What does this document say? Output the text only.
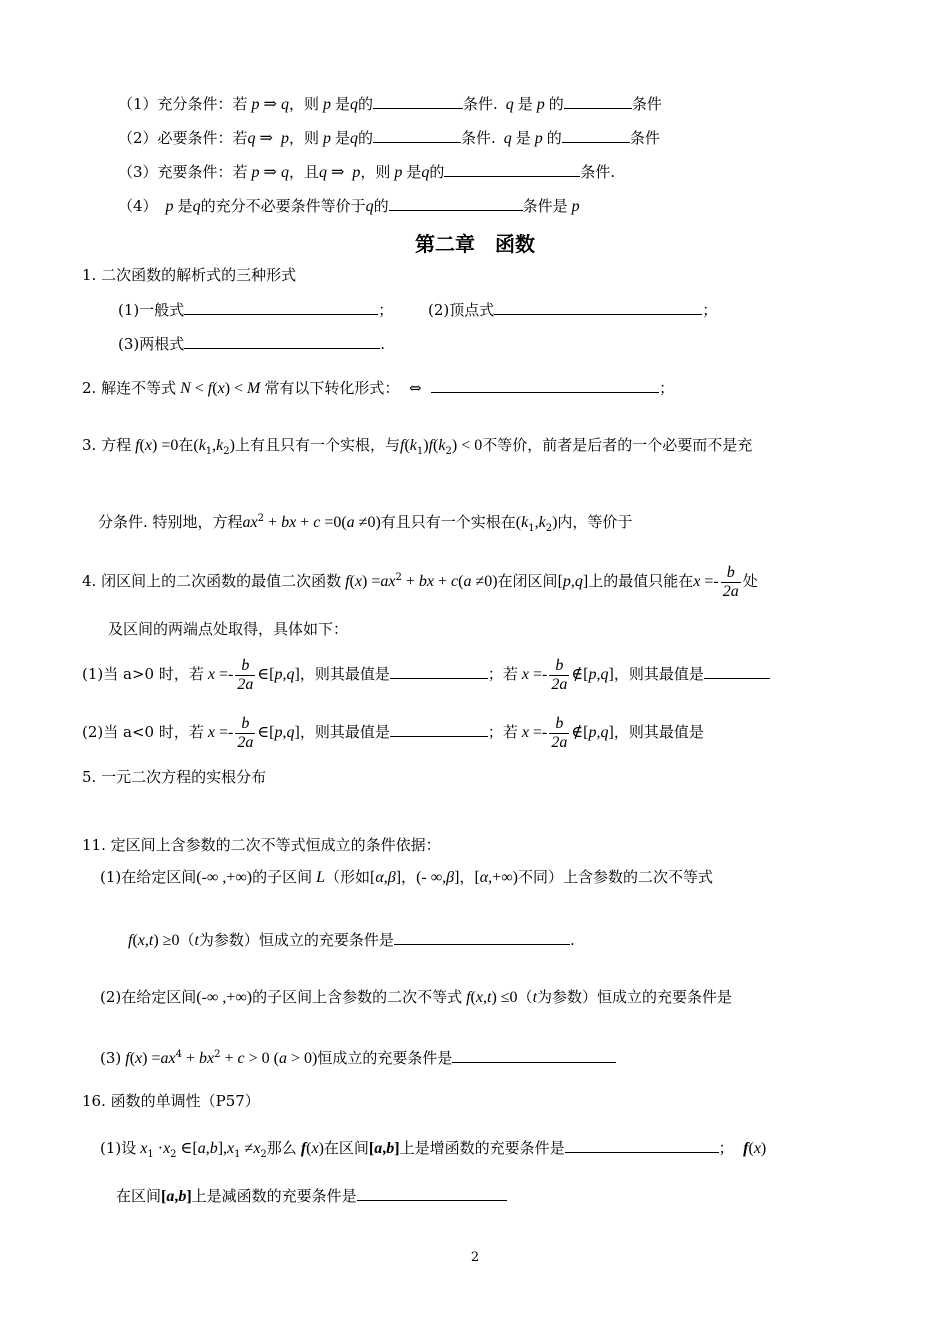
（1）充分条件：若 p ⇒ q，则 p 是q的	条件.  q 是 p 的	条件
（2）必要条件：若q ⇒  p，则 p 是q的	条件.  q 是 p 的	条件
（3）充要条件：若 p ⇒ q，且q ⇒  p，则 p 是q的	条件.
（4）  p 是q的充分不必要条件等价于q的	条件是 p
第二章　函数
1. 二次函数的解析式的三种形式
(1)一般式	； (2)顶点式	；
(3)两根式	.
2. 解连不等式 N < f(x) < M 常有以下转化形式： ⇔	；
3. 方程 f(x) =0在$(k_1,k_2)$上有且只有一个实根，与$f(k_1)f(k_2) < 0$不等价，前者是后者的一个必要而不是充
分条件. 特别地，方程$ax^2$ + bx + c =0(a ≠0)有且只有一个实根在$(k_1,k_2)$内，等价于
4. 闭区间上的二次函数的最值二次函数 $f(x) =ax^2$ + bx + c(a ≠0)在闭区间[p,q]上的最值只能在$x =- \frac{b}{2a}$ 处
及区间的两端点处取得，具体如下：
(1)当 a>0 时，若 $x =- \frac{b}{2a}$ ∈[p,q]，则其最值是	；若 $x =- \frac{b}{2a}$ ∉[p,q]，则其最值是
(2)当 a<0 时，若 $x =- \frac{b}{2a}$ ∈[p,q]，则其最值是	；若 $x =- \frac{b}{2a}$ ∉[p,q]，则其最值是
5. 一元二次方程的实根分布
11. 定区间上含参数的二次不等式恒成立的条件依据：
(1)在给定区间(-∞ ,+∞)的子区间 L（形如[α,β]，(- ∞,β]，[α,+∞)不同）上含参数的二次不等式
f(x,t) ≥0（t为参数）恒成立的充要条件是	.
(2)在给定区间(-∞ ,+∞)的子区间上含参数的二次不等式 f(x,t) ≤0（t为参数）恒成立的充要条件是
(3) $f(x) =ax^4 + bx^2 + c > 0$ (a > 0)恒成立的充要条件是
16. 函数的单调性（P57）
(1)设 $x_1 \cdot x_2$ $\in[a,b],x_1 \ne x_2$那么 f(x)在区间[a,b]上是增函数的充要条件是	； f(x)
在区间[a,b]上是减函数的充要条件是
2
